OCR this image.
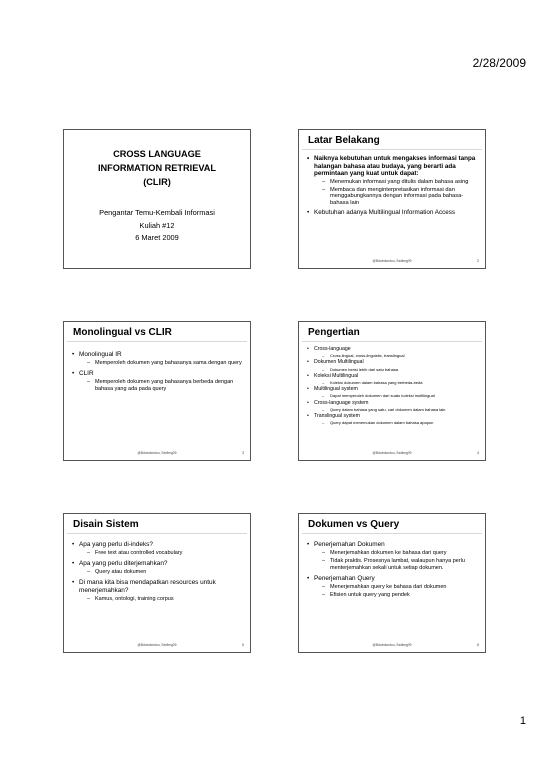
2/28/2009
CROSS LANGUAGE
INFORMATION RETRIEVAL
(CLIR)
Pengantar Temu-Kembali Informasi
Kuliah #12
6 Maret 2009
Latar Belakang
• Naiknya kebutuhan untuk mengakses informasi tanpa halangan bahasa atau budaya, yang berarti ada permintaan yang kuat untuk dapat:
– Menemukan informasi yang ditulis dalam bahasa asing
– Membaca dan menginterpretasikan informasi dan menggabungkannya dengan informasi pada bahasa-bahasa lain
• Kebutuhan adanya Multilingual Information Access
@Bdoedoedou, Sedbeg09	2
Monolingual vs CLIR
• Monolingual IR
– Memperoleh dokumen yang bahasanya sama dengan query
• CLIR
– Memperoleh dokumen yang bahasanya berbeda dengan bahasa yang ada pada query
@Bdoedoedou, Sedbeg09	3
Pengertian
• Cross-language
– Cross-lingual, cross-linguistic, translingual
• Dokumen Multilingual
– Dokumen berisi lebih dari satu bahasa
• Koleksi Multilingual
– Koleksi dokumen dalam bahasa yang berbeda-beda
• Multilingual system
– Dapat memperoleh dokumen dari suatu koleksi multilingual
• Cross-language system
– Query dalam bahasa yang satu, cari dokumen dalam bahasa lain
• Translingual system
– Query dapat menemukan dokumen dalam bahasa apapun
@Bdoedoedou, Sedbeg09	4
Disain Sistem
• Apa yang perlu di-indeks?
– Free text atau controlled vocabulary
• Apa yang perlu diterjemahkan?
– Query atau dokumen
• Di mana kita bisa mendapatkan resources untuk menerjemahkan?
– Kamus, ontologi, training corpus
@Bdoedoedou, Sedbeg09	5
Dokumen vs Query
• Penerjemahan Dokumen
– Menerjemahkan dokumen ke bahasa dari query
– Tidak praktis. Prosesnya lambat, walaupun hanya perlu menterjemahkan sekali untuk setiap dokumen.
• Penerjemahan Query
– Menerjemahkan query ke bahasa dari dokumen
– Efisien untuk query yang pendek
@Bdoedoedou, Sedbeg09	6
1
